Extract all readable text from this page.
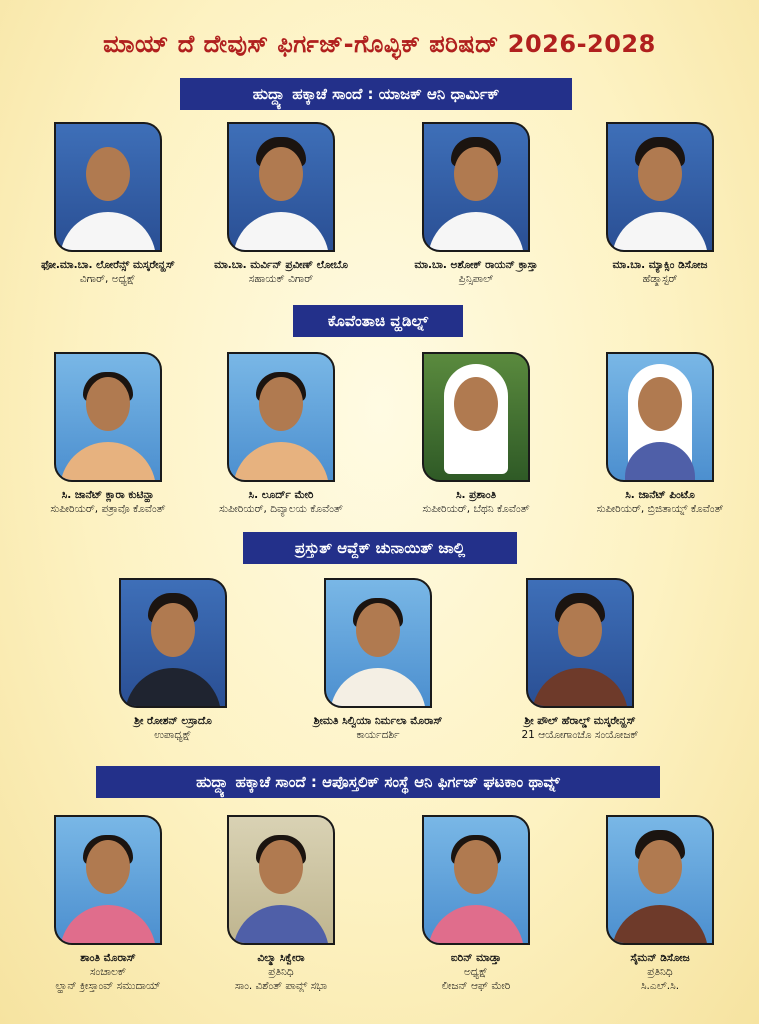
ಮಾಯ್ ದೆ ದೇವುಸ್ ಫಿರ್ಗಜ್-ಗೊವ್ಳಿಕ್ ಪರಿಷದ್ 2026-2028
ಹುದ್ದ್ಯಾ ಹಕ್ಕಾಚೆ ಸಾಂದೆ : ಯಾಜಕ್ ಆನಿ ಧಾರ್ಮಿಕ್
ಫೋ.ಮಾ.ಬಾ. ಲೋರೆನ್ಸ್ ಮಸ್ಕರೇನ್ಹಸ್
ವಿಗಾರ್, ಅಧ್ಯಕ್ಷ್
ಮಾ.ಬಾ. ಮರ್ವಿನ್ ಪ್ರವೀಣ್ ಲೋಬೊ
ಸಹಾಯಕ್ ವಿಗಾರ್
ಮಾ.ಬಾ. ಅಶೋಕ್ ರಾಯನ್ ಕ್ರಾಸ್ತಾ
ಪ್ರಿನ್ಸಿಪಾಲ್
ಮಾ.ಬಾ. ಮ್ಯಾಕ್ಸಿಂ ಡಿಸೋಜ
ಹೆಡ್ಮಾಸ್ಟರ್
ಕೊವೆಂತಾಚಿ ವ್ಹಡಿಲ್ನ್
ಸಿ. ಜಾನೆಟ್ ಕ್ಲಾರಾ ಕುಟಿನ್ಹಾ
ಸುಪೀರಿಯರ್, ಪತ್ರಾವೊ ಕೊವೆಂತ್
ಸಿ. ಲೂರ್ದ್ ಮೇರಿ
ಸುಪೀರಿಯರ್, ದಿವ್ಯಾಲಯ ಕೊವೆಂತ್
ಸಿ. ಪ್ರಶಾಂತಿ
ಸುಪೀರಿಯರ್, ಬೆಥನಿ ಕೊವೆಂತ್
ಸಿ. ಜಾನೆಟ್ ಪಿಂಟೊ
ಸುಪೀರಿಯರ್, ಬ್ರಿಜಿತಾಯ್ನ್ ಕೊವೆಂತ್
ಪ್ರಸ್ತುತ್ ಆವ್ದೆಕ್ ಚುನಾಯಿತ್ ಜಾಲ್ಲಿ
ಶ್ರೀ ರೋಶನ್ ಲಸ್ರಾದೊ
ಉಪಾಧ್ಯಕ್ಷ್
ಶ್ರೀಮತಿ ಸಿಲ್ವಿಯಾ ನಿರ್ಮಲಾ ಮೊರಾಸ್
ಕಾರ್ಯದರ್ಶಿ
ಶ್ರೀ ಪೌಲ್ ಹೆರಾಲ್ಡ್ ಮಸ್ಕರೇನ್ಹಸ್
21 ಆಯೋಗಾಂಚೊ ಸಂಯೋಜಕ್
ಹುದ್ದ್ಯಾ ಹಕ್ಕಾಚೆ ಸಾಂದೆ : ಆಪೊಸ್ತಲಿಕ್ ಸಂಸ್ಥೆ ಆನಿ ಫಿರ್ಗಜ್ ಘಟಕಾಂ ಥಾವ್ನ್
ಶಾಂತಿ ಮೊರಾಸ್
ಸಂಚಾಲಕ್
ಲ್ಹಾನ್ ಕ್ರೀಸ್ತಾಂವ್ ಸಮುದಾಯ್
ವಿಲ್ಮಾ ಸಿಕ್ವೇರಾ
ಪ್ರತಿನಿಧಿ
ಸಾಂ. ವಿಶೆಂತ್ ಪಾವ್ಲ್ ಸಭಾ
ಐರಿನ್ ಮಾಡ್ತಾ
ಅಧ್ಯಕ್ಷ್
ಲೀಜನ್ ಆಫ್ ಮೇರಿ
ಸೈಮನ್ ಡಿಸೋಜ
ಪ್ರತಿನಿಧಿ
ಸಿ.ಎಲ್.ಸಿ.
